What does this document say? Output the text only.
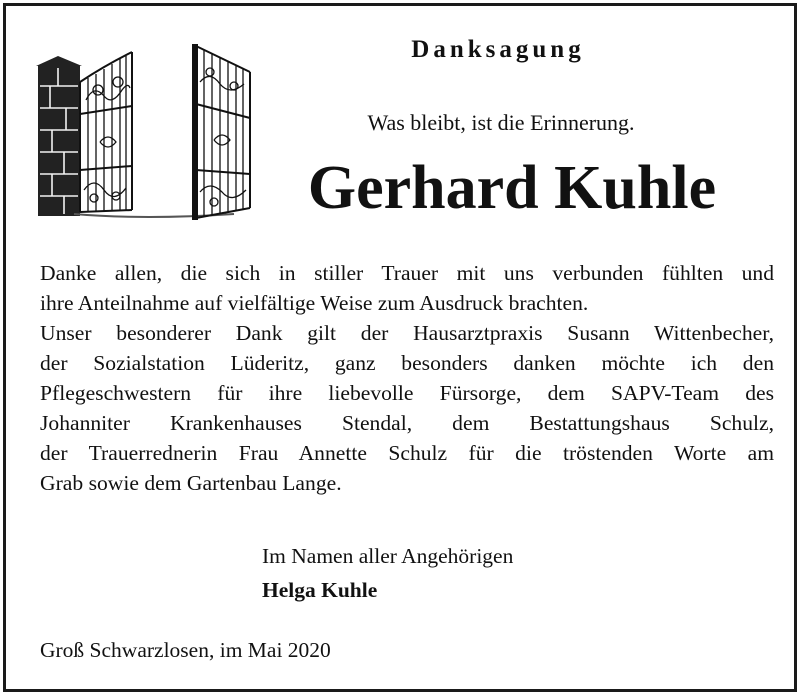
Danksagung
Was bleibt, ist die Erinnerung.
Gerhard Kuhle

Danke allen, die sich in stiller Trauer mit uns verbunden fühlten und

ihre Anteilnahme auf vielfältige Weise zum Ausdruck brachten.

Unser besonderer Dank gilt der Hausarztpraxis Susann Wittenbecher,

der Sozialstation Lüderitz, ganz besonders danken möchte ich den

Pflegeschwestern für ihre liebevolle Fürsorge, dem SAPV-Team des

Johanniter Krankenhauses Stendal, dem Bestattungshaus Schulz,

der Trauerrednerin Frau Annette Schulz für die tröstenden Worte am

Grab sowie dem Gartenbau Lange.

Im Namen aller Angehörigen
Helga Kuhle
Groß Schwarzlosen, im Mai 2020
